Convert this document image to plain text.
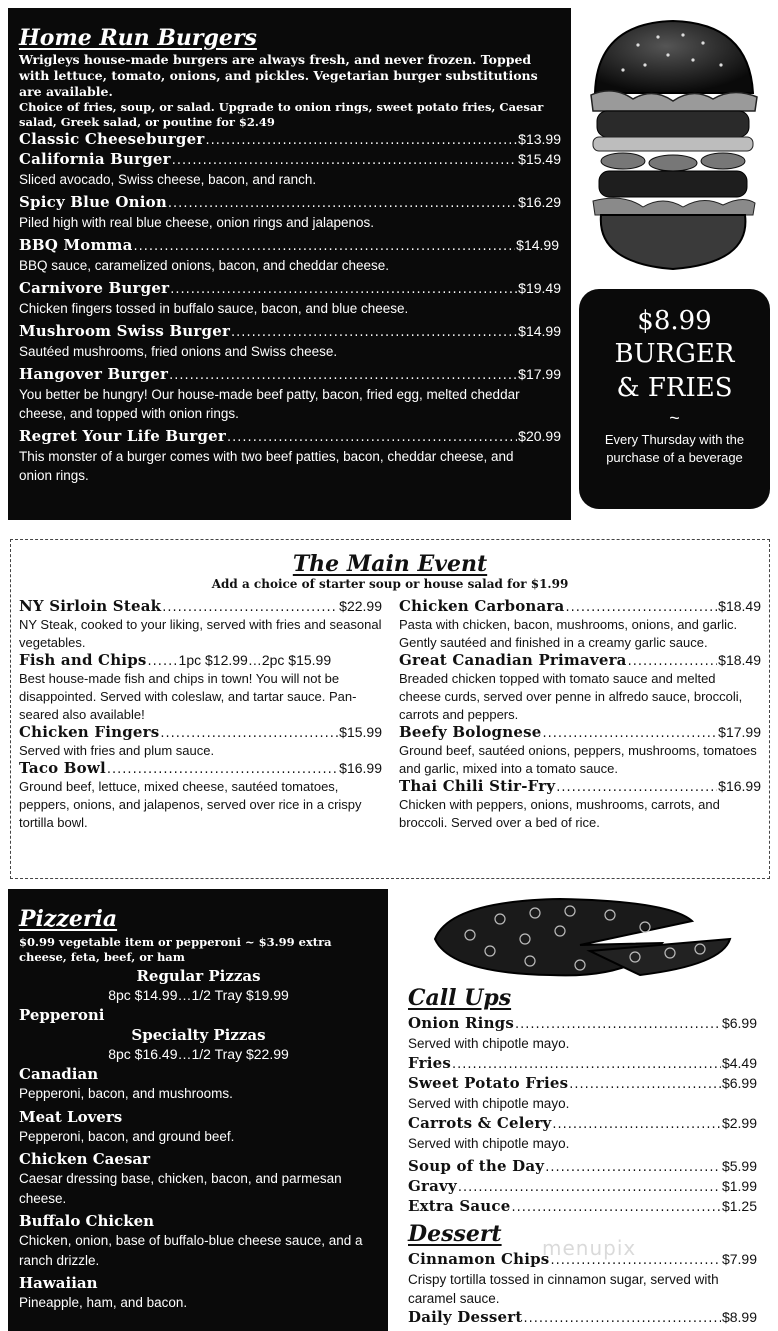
Home Run Burgers
Wrigleys house-made burgers are always fresh, and never frozen. Topped with lettuce, tomato, onions, and pickles. Vegetarian burger substitutions are available.
Choice of fries, soup, or salad. Upgrade to onion rings, sweet potato fries, Caesar salad, Greek salad, or poutine for $2.49
Classic Cheeseburger .....	$13.99
California Burger .....	$15.49
Sliced avocado, Swiss cheese, bacon, and ranch.
Spicy Blue Onion .....	$16.29
Piled high with real blue cheese, onion rings and jalapenos.
BBQ Momma .....	$14.99
BBQ sauce, caramelized onions, bacon, and cheddar cheese.
Carnivore Burger .....	$19.49
Chicken fingers tossed in buffalo sauce, bacon, and blue cheese.
Mushroom Swiss Burger .....	$14.99
Sautéed mushrooms, fried onions and Swiss cheese.
Hangover Burger .....	$17.99
You better be hungry! Our house-made beef patty, bacon, fried egg, melted cheddar cheese, and topped with onion rings.
Regret Your Life Burger .....	$20.99
This monster of a burger comes with two beef patties, bacon, cheddar cheese, and onion rings.
$8.99
BURGER
& FRIES
~
Every Thursday with the purchase of a beverage
The Main Event
Add a choice of starter soup or house salad for $1.99
NY Sirloin Steak .....	$22.99
NY Steak, cooked to your liking, served with fries and seasonal vegetables.
Fish and Chips ..... 1pc $12.99…2pc $15.99
Best house-made fish and chips in town! You will not be disappointed. Served with coleslaw, and tartar sauce. Pan-seared also available!
Chicken Fingers .....	$15.99
Served with fries and plum sauce.
Taco Bowl .....	$16.99
Ground beef, lettuce, mixed cheese, sautéed tomatoes, peppers, onions, and jalapenos, served over rice in a crispy tortilla bowl.
Chicken Carbonara .....	$18.49
Pasta with chicken, bacon, mushrooms, onions, and garlic. Gently sautéed and finished in a creamy garlic sauce.
Great Canadian Primavera .....	$18.49
Breaded chicken topped with tomato sauce and melted cheese curds, served over penne in alfredo sauce, broccoli, carrots and peppers.
Beefy Bolognese .....	$17.99
Ground beef, sautéed onions, peppers, mushrooms, tomatoes and garlic, mixed into a tomato sauce.
Thai Chili Stir-Fry .....	$16.99
Chicken with peppers, onions, mushrooms, carrots, and broccoli. Served over a bed of rice.
Pizzeria
$0.99 vegetable item or pepperoni ~ $3.99 extra cheese, feta, beef, or ham
Regular Pizzas
8pc $14.99…1/2 Tray $19.99
Pepperoni
Specialty Pizzas
8pc $16.49…1/2 Tray $22.99
Canadian
Pepperoni, bacon, and mushrooms.
Meat Lovers
Pepperoni, bacon, and ground beef.
Chicken Caesar
Caesar dressing base, chicken, bacon, and parmesan cheese.
Buffalo Chicken
Chicken, onion, base of buffalo-blue cheese sauce, and a ranch drizzle.
Hawaiian
Pineapple, ham, and bacon.
Call Ups
Onion Rings .....	$6.99
Served with chipotle mayo.
Fries .....	$4.49
Sweet Potato Fries .....	$6.99
Served with chipotle mayo.
Carrots & Celery .....	$2.99
Served with chipotle mayo.
Soup of the Day .....	$5.99
Gravy .....	$1.99
Extra Sauce .....	$1.25
Dessert
Cinnamon Chips .....	$7.99
Crispy tortilla tossed in cinnamon sugar, served with caramel sauce.
Daily Dessert .....	$8.99
menupix
